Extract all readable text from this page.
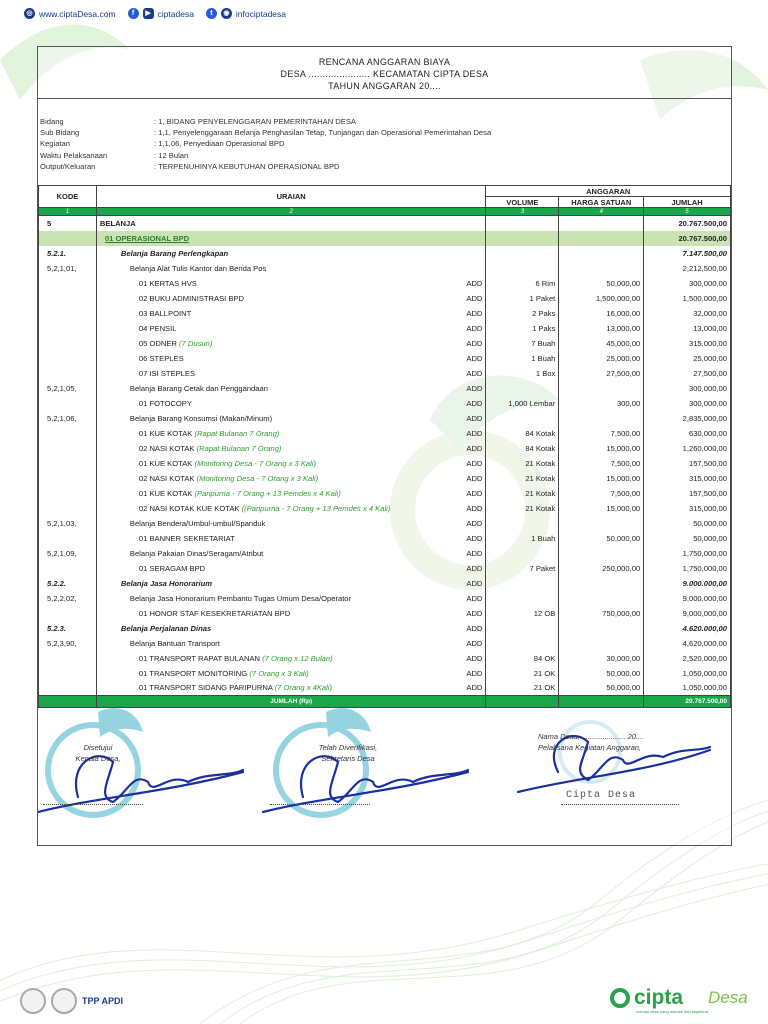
◎ www.ciptaDesa.com	f	▶ ciptadesa	t	◉ infociptadesa
RENCANA ANGGARAN BIAYA
DESA ...................... KECAMATAN CIPTA DESA
TAHUN ANGGARAN 20....
Bidang	: 1, BIDANG PENYELENGGARAN PEMERINTAHAN DESA
Sub Bidang	: 1,1, Penyelenggaraan Belanja Penghasilan Tetap, Tunjangan dan Operasional Pemerintahan Desa
Kegiatan	: 1,1,06, Penyediaan Operasional BPD
Waktu Pelaksanaan	: 12 Bulan
Output/Keluaran	: TERPENUHINYA KEBUTUHAN OPERASIONAL BPD
KODE	URAIAN		ANGGARAN		
			VOLUME	HARGA SATUAN	JUMLAH
1	2		3	4	5
5	BELANJA				20.767.500,00
	01 OPERASIONAL BPD				20.767.500,00
5.2.1.	Belanja Barang Perlengkapan				7.147.500,00
5,2,1,01,	Belanja Alat Tulis Kantor dan Benda Pos				2,212,500,00
	01 KERTAS HVS	ADD	6 Rim	50,000,00	300,000,00
	02 BUKU ADMINISTRASI BPD	ADD	1 Paket	1,500,000,00	1,500,000,00
	03 BALLPOINT	ADD	2 Paks	16,000,00	32,000,00
	04 PENSIL	ADD	1 Paks	13,000,00	13,000,00
	05 ODNER (7 Dusun)	ADD	7 Buah	45,000,00	315,000,00
	06 STEPLES	ADD	1 Buah	25,000,00	25,000,00
	07 ISI STEPLES	ADD	1 Box	27,500,00	27,500,00
5,2,1,05,	Belanja Barang Cetak dan Penggandaan	ADD			300,000,00
	01 FOTOCOPY	ADD	1,000 Lembar	300,00	300,000,00
5,2,1,06,	Belanja Barang Konsumsi (Makan/Minum)	ADD			2,835,000,00
	01 KUE KOTAK (Rapat Bulanan 7 Orang)	ADD	84 Kotak	7,500,00	630,000,00
	02 NASI KOTAK (Rapat Bulanan 7 Orang)	ADD	84 Kotak	15,000,00	1,260,000,00
	01 KUE KOTAK (Monitoring Desa - 7 Orang x 3 Kali)	ADD	21 Kotak	7,500,00	157,500,00
	02 NASI KOTAK (Monitoring Desa - 7 Orang x 3 Kali)	ADD	21 Kotak	15,000,00	315,000,00
	01 KUE KOTAK (Paripurna - 7 Orang + 13 Pemdes x 4 Kali)	ADD	21 Kotak	7,500,00	157,500,00
	02 NASI KOTAK KUE KOTAK ((Paripurna - 7 Orang + 13 Pemdes x 4 Kali)	ADD	21 Kotak	15,000,00	315,000,00
5,2,1,03,	Belanja Bendera/Umbul-umbul/Spanduk	ADD			50,000,00
	01 BANNER SEKRETARIAT	ADD	1 Buah	50,000,00	50,000,00
5,2,1,09,	Belanja Pakaian Dinas/Seragam/Atribut	ADD			1,750,000,00
	01 SERAGAM BPD	ADD	7 Paket	250,000,00	1,750,000,00
5.2.2.	Belanja Jasa Honorarium	ADD			9.000.000,00
5,2,2,02,	Belanja Jasa Honorarium Pembantu Tugas Umum Desa/Operator	ADD			9,000,000,00
	01 HONOR STAF KESEKRETARIATAN BPD	ADD	12 OB	750,000,00	9,000,000,00
5.2.3.	Belanja Perjalanan Dinas	ADD			4.620.000,00
5,2,3,90,	Belanja Bantuan Transport	ADD			4,620,000,00
	01 TRANSPORT RAPAT BULANAN (7 Orang x 12 Bulan)	ADD	84 OK	30,000,00	2,520,000,00
	01 TRANSPORT MONITORING (7 Orang x 3 Kali)	ADD	21 OK	50,000,00	1,050,000,00
	01 TRANSPORT SIDANG PARIPURNA (7 Orang x 4Kali)	ADD	21 OK	50,000,00	1,050,000,00
	JUMLAH (Rp)				20.767.500,00
Disetujui
Kepala Desa,
Telah Diverifikasi,
Sekretaris Desa
Nama Desa, ..................... 20....
Pelaksana Kegiatan Anggaran,
Cipta Desa
TPP APDI	cipta Desa
menuju desa yang mandiri dan sejahtera
